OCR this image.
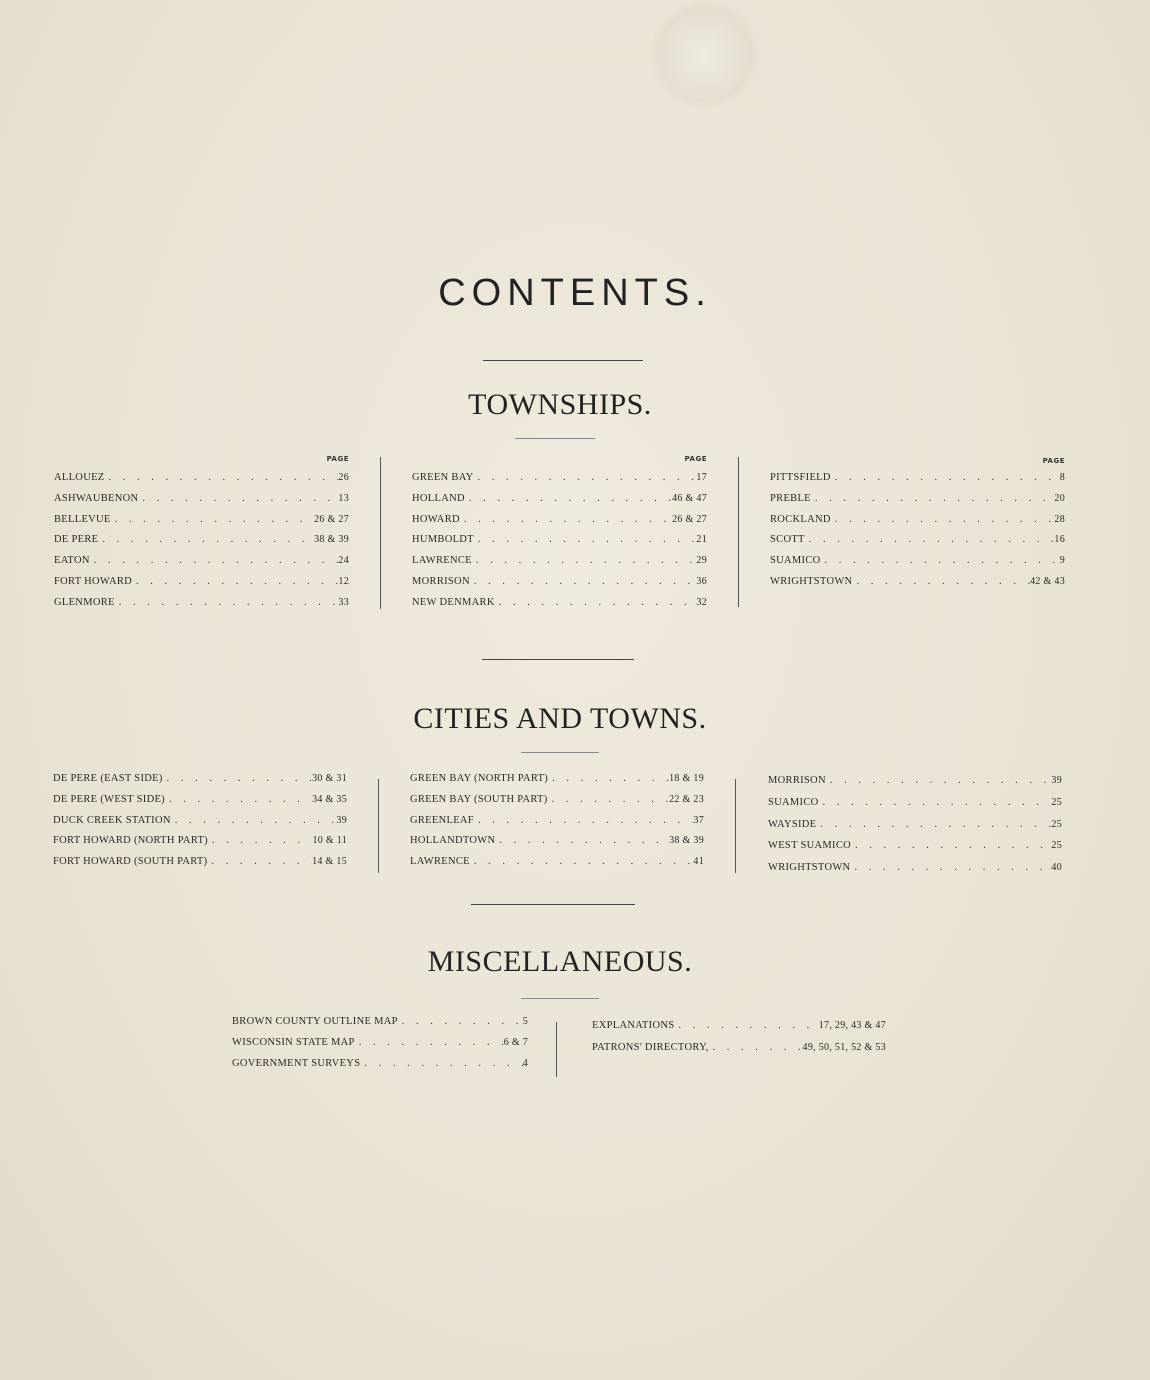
CONTENTS.
TOWNSHIPS.
PAGE
ALLOUEZ . . .	26
ASHWAUBENON . . .	13
BELLEVUE . . .	26 & 27
DE PERE . . .	38 & 39
EATON . . .	24
FORT HOWARD . . .	12
GLENMORE . . .	33
PAGE
GREEN BAY . . .	17
HOLLAND . . .	46 & 47
HOWARD . . .	26 & 27
HUMBOLDT . . .	21
LAWRENCE . . .	29
MORRISON . . .	36
NEW DENMARK . . .	32
PAGE
PITTSFIELD . . .	8
PREBLE . . .	20
ROCKLAND . . .	28
SCOTT . . .	16
SUAMICO . . .	9
WRIGHTSTOWN . . .	42 & 43
CITIES AND TOWNS.
DE PERE (EAST SIDE) . . .	30 & 31
DE PERE (WEST SIDE) . . .	34 & 35
DUCK CREEK STATION . . .	39
FORT HOWARD (NORTH PART) . . .	10 & 11
FORT HOWARD (SOUTH PART) . . .	14 & 15
GREEN BAY (NORTH PART) . . .	18 & 19
GREEN BAY (SOUTH PART) . . .	22 & 23
GREENLEAF . . .	37
HOLLANDTOWN . . .	38 & 39
LAWRENCE . . .	41
MORRISON . . .	39
SUAMICO . . .	25
WAYSIDE . . .	25
WEST SUAMICO . . .	25
WRIGHTSTOWN . . .	40
MISCELLANEOUS.
BROWN COUNTY OUTLINE MAP . . .	5
WISCONSIN STATE MAP . . .	6 & 7
GOVERNMENT SURVEYS . . .	4
EXPLANATIONS . . .	17, 29, 43 & 47
PATRONS' DIRECTORY, . . .	49, 50, 51, 52 & 53
